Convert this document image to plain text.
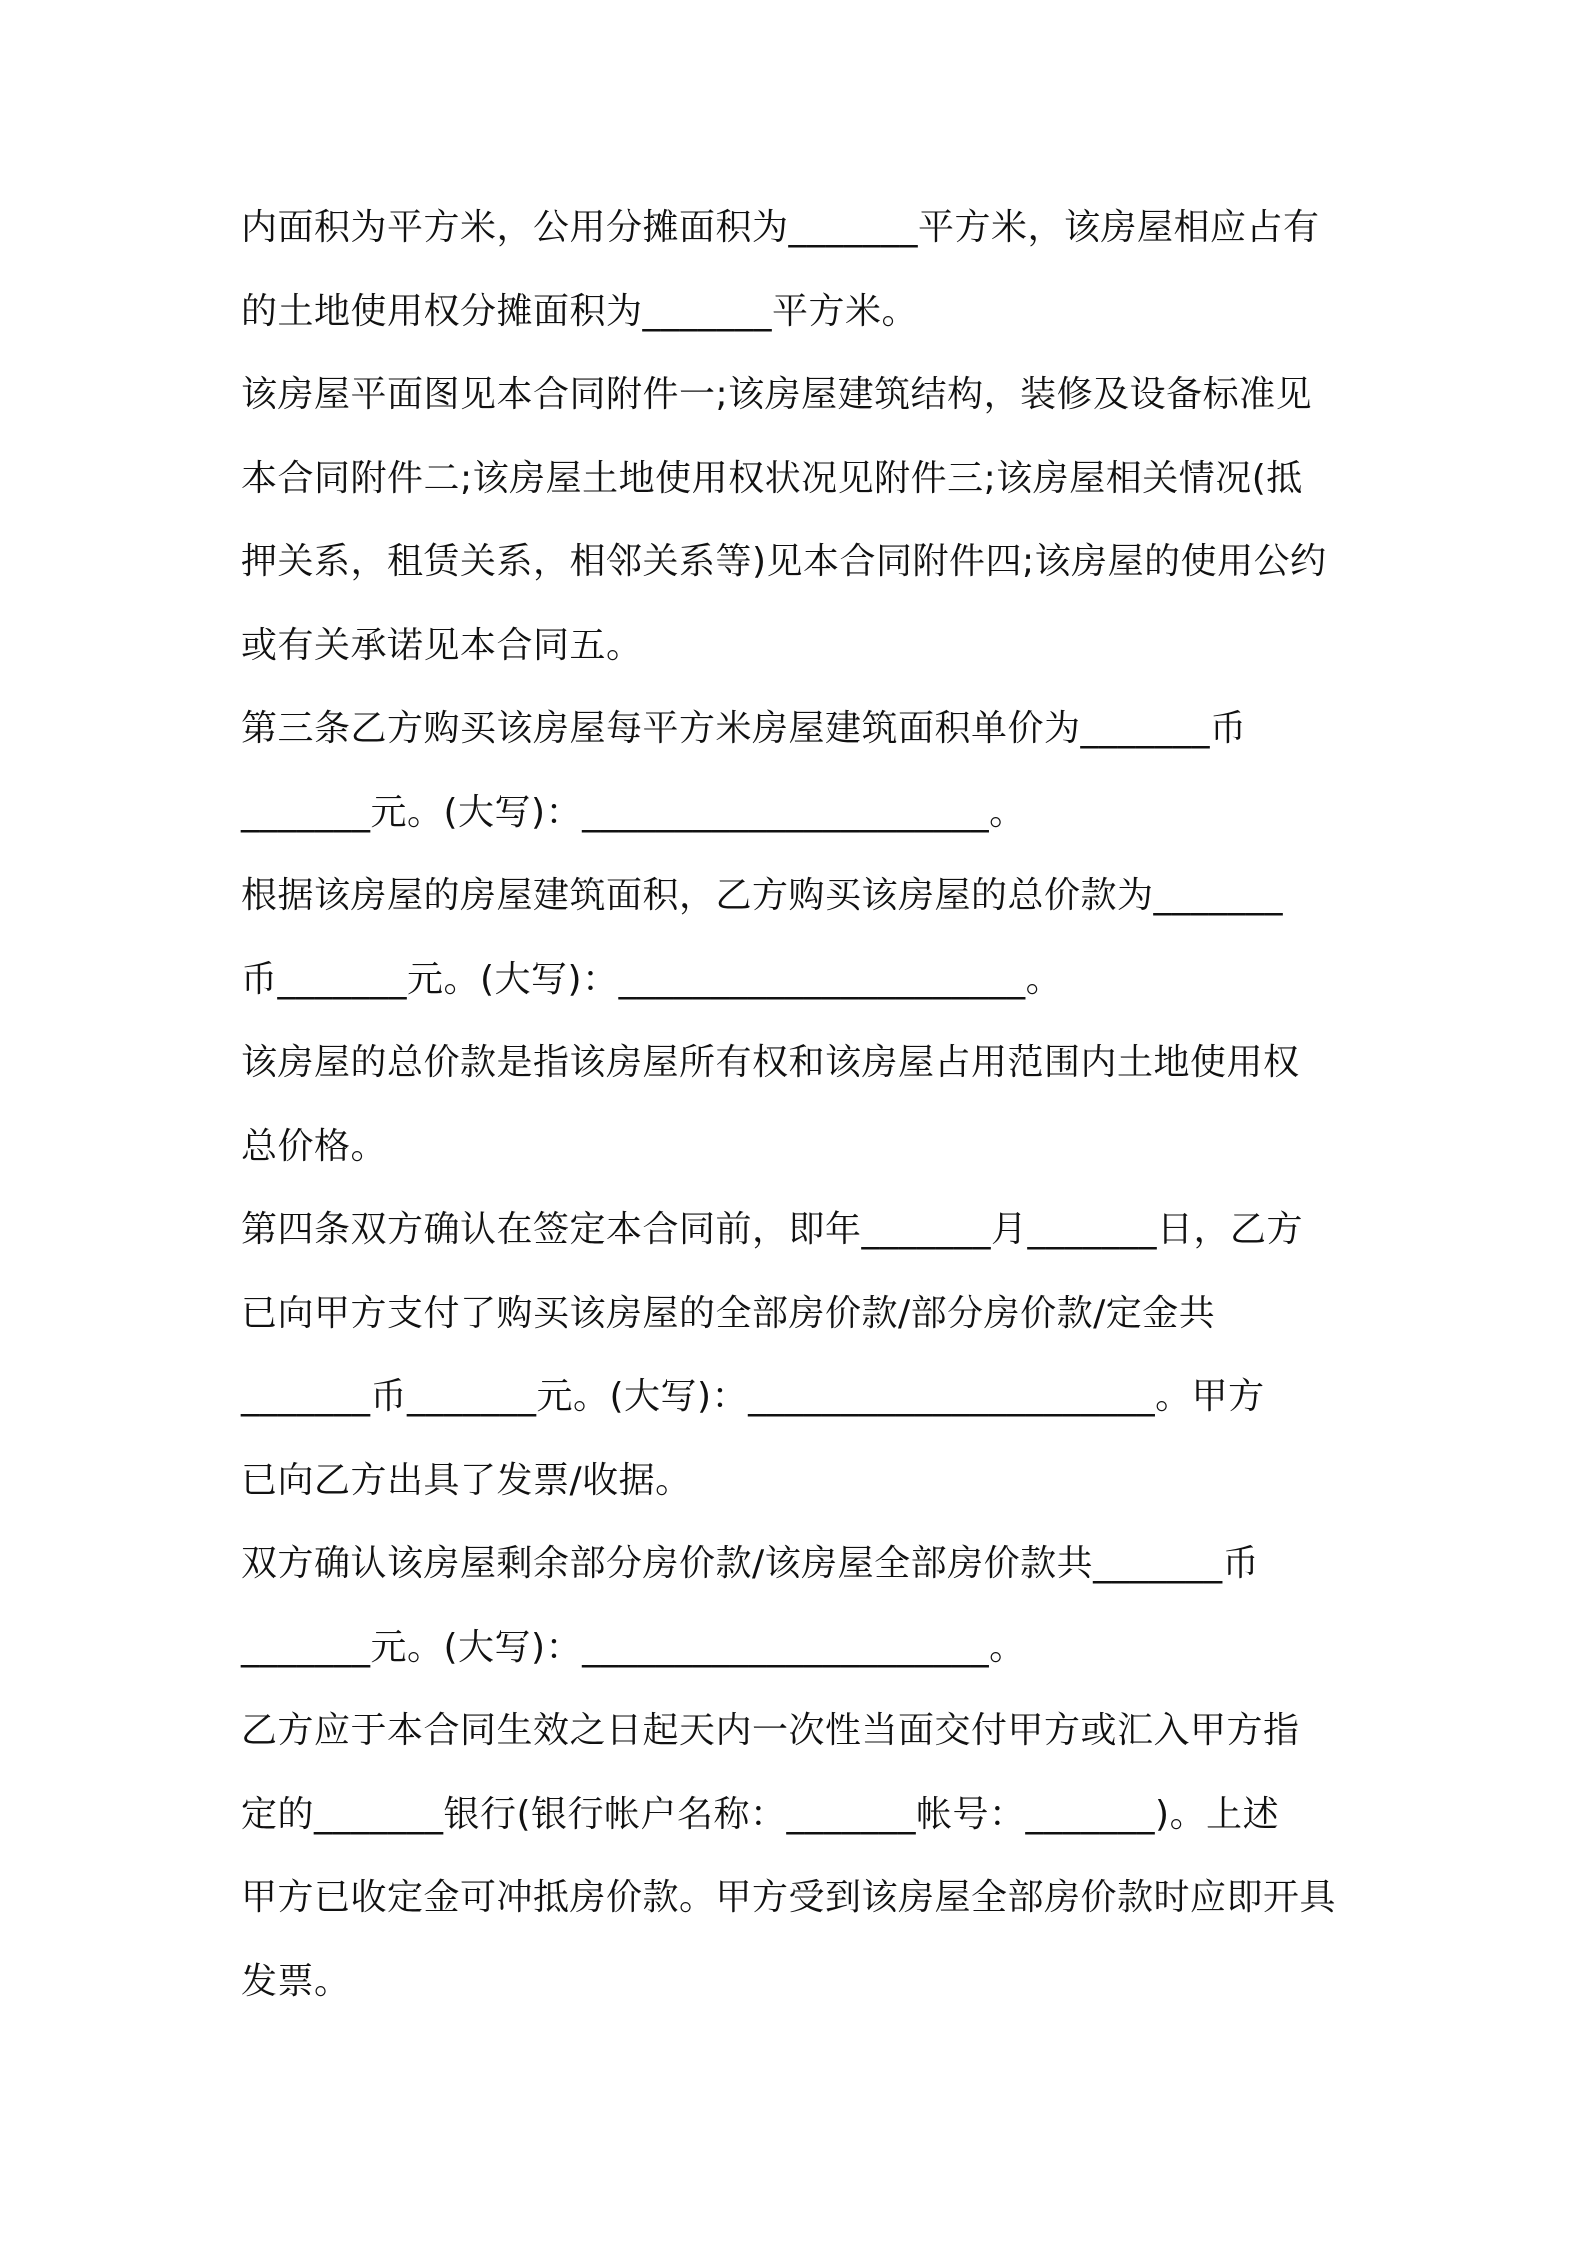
内面积为平方米，公用分摊面积为_______平方米，该房屋相应占有
的土地使用权分摊面积为_______平方米。
该房屋平面图见本合同附件一;该房屋建筑结构，装修及设备标准见
本合同附件二;该房屋土地使用权状况见附件三;该房屋相关情况(抵
押关系，租赁关系，相邻关系等)见本合同附件四;该房屋的使用公约
或有关承诺见本合同五。
第三条乙方购买该房屋每平方米房屋建筑面积单价为_______币
_______元。(大写)：______________________。
根据该房屋的房屋建筑面积，乙方购买该房屋的总价款为_______
币_______元。(大写)：______________________。
该房屋的总价款是指该房屋所有权和该房屋占用范围内土地使用权
总价格。
第四条双方确认在签定本合同前，即年_______月_______日，乙方
已向甲方支付了购买该房屋的全部房价款/部分房价款/定金共
_______币_______元。(大写)：______________________。甲方
已向乙方出具了发票/收据。
双方确认该房屋剩余部分房价款/该房屋全部房价款共_______币
_______元。(大写)：______________________。
乙方应于本合同生效之日起天内一次性当面交付甲方或汇入甲方指
定的_______银行(银行帐户名称：_______帐号：_______)。上述
甲方已收定金可冲抵房价款。甲方受到该房屋全部房价款时应即开具
发票。
